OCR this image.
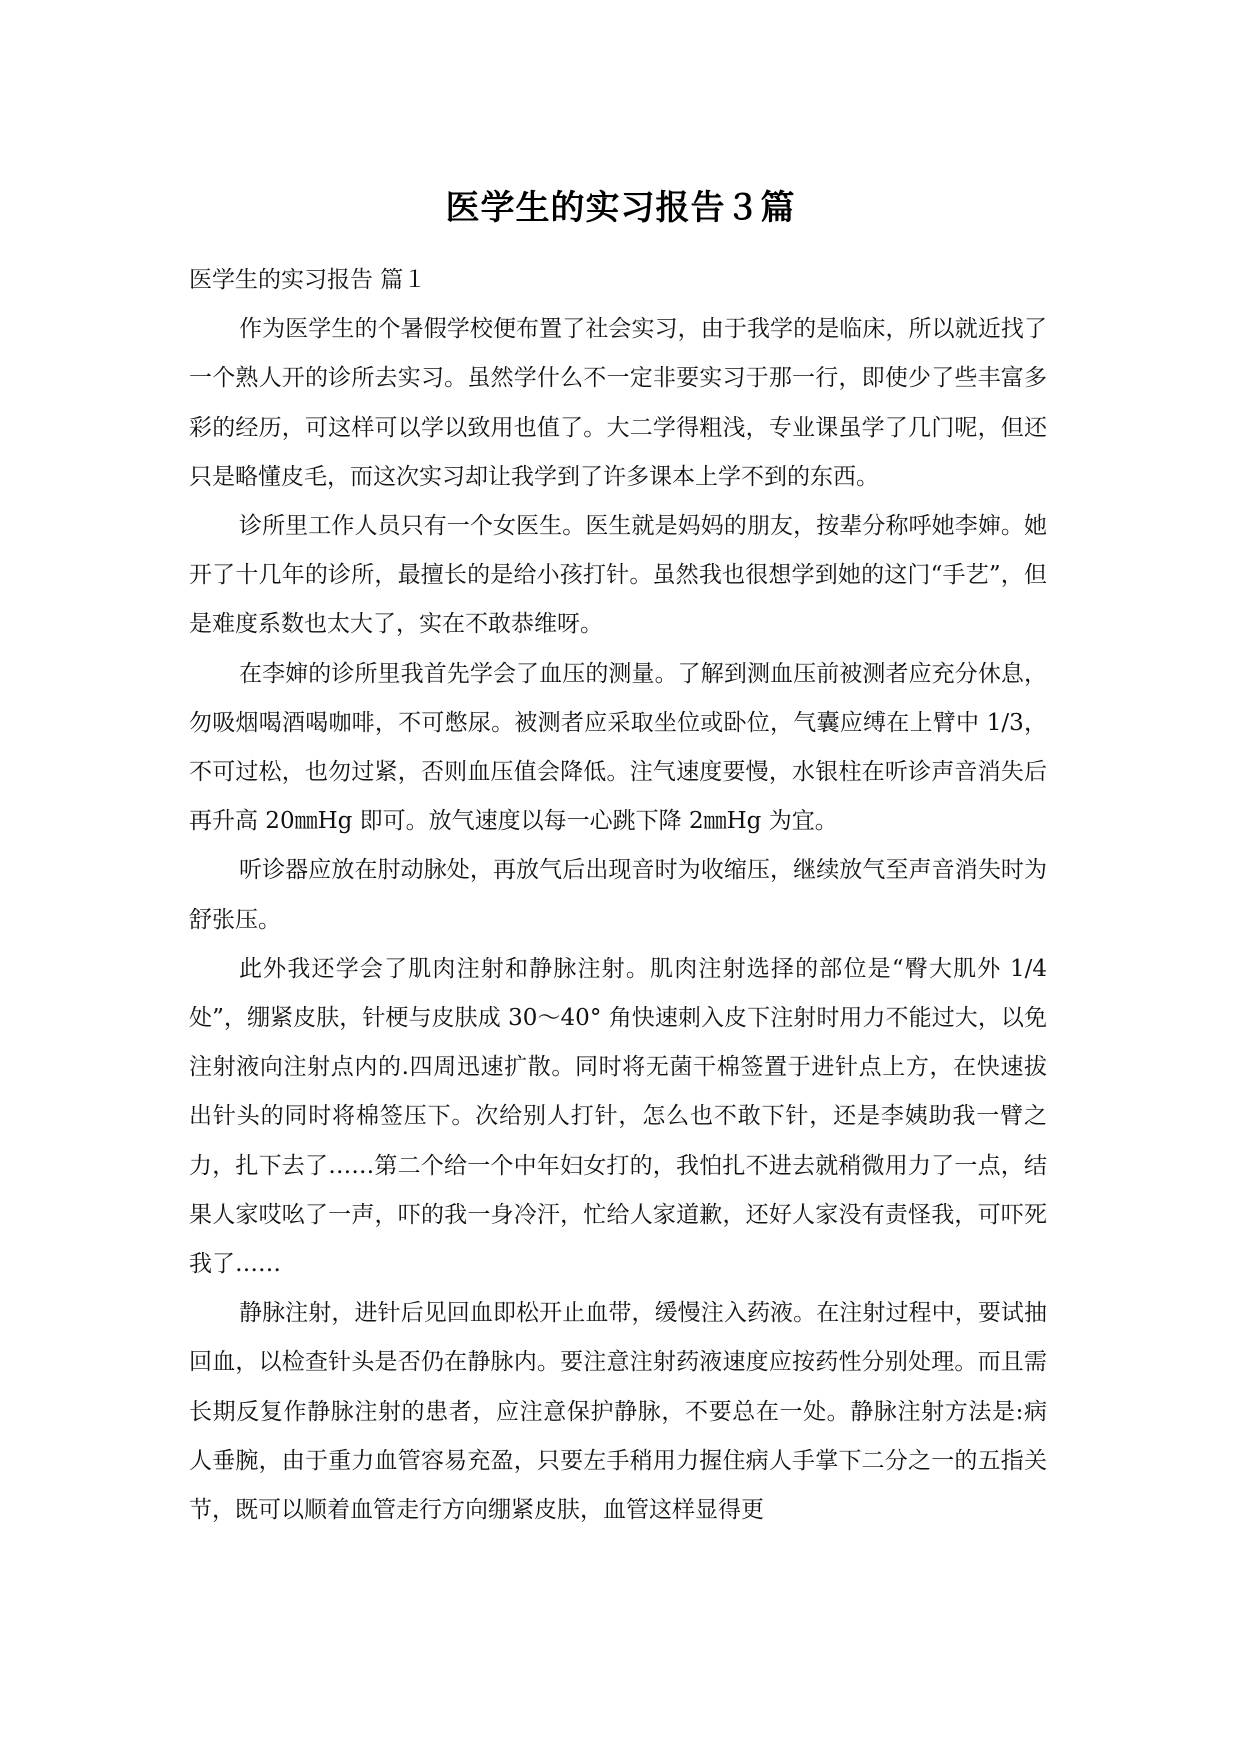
医学生的实习报告３篇

医学生的实习报告 篇１

作为医学生的个暑假学校便布置了社会实习，由于我学的是临床，所以就近找了一个熟人开的诊所去实习。虽然学什么不一定非要实习于那一行，即使少了些丰富多彩的经历，可这样可以学以致用也值了。大二学得粗浅，专业课虽学了几门呢，但还只是略懂皮毛，而这次实习却让我学到了许多课本上学不到的东西。

诊所里工作人员只有一个女医生。医生就是妈妈的朋友，按辈分称呼她李婶。她开了十几年的诊所，最擅长的是给小孩打针。虽然我也很想学到她的这门“手艺”，但是难度系数也太大了，实在不敢恭维呀。

在李婶的诊所里我首先学会了血压的测量。了解到测血压前被测者应充分休息，勿吸烟喝酒喝咖啡，不可憋尿。被测者应采取坐位或卧位，气囊应缚在上臂中 1/3，不可过松，也勿过紧，否则血压值会降低。注气速度要慢，水银柱在听诊声音消失后再升高 20㎜Hg 即可。放气速度以每一心跳下降 2㎜Hg 为宜。

听诊器应放在肘动脉处，再放气后出现音时为收缩压，继续放气至声音消失时为舒张压。

此外我还学会了肌肉注射和静脉注射。肌肉注射选择的部位是“臀大肌外 1/4 处”，绷紧皮肤，针梗与皮肤成 30～40° 角快速刺入皮下注射时用力不能过大，以免注射液向注射点内的.四周迅速扩散。同时将无菌干棉签置于进针点上方，在快速拔出针头的同时将棉签压下。次给别人打针，怎么也不敢下针，还是李姨助我一臂之力，扎下去了……第二个给一个中年妇女打的，我怕扎不进去就稍微用力了一点，结果人家哎吆了一声，吓的我一身冷汗，忙给人家道歉，还好人家没有责怪我，可吓死我了……

静脉注射，进针后见回血即松开止血带，缓慢注入药液。在注射过程中，要试抽回血，以检查针头是否仍在静脉内。要注意注射药液速度应按药性分别处理。而且需长期反复作静脉注射的患者，应注意保护静脉，不要总在一处。静脉注射方法是:病人垂腕，由于重力血管容易充盈，只要左手稍用力握住病人手掌下二分之一的五指关节，既可以顺着血管走行方向绷紧皮肤，血管这样显得更
